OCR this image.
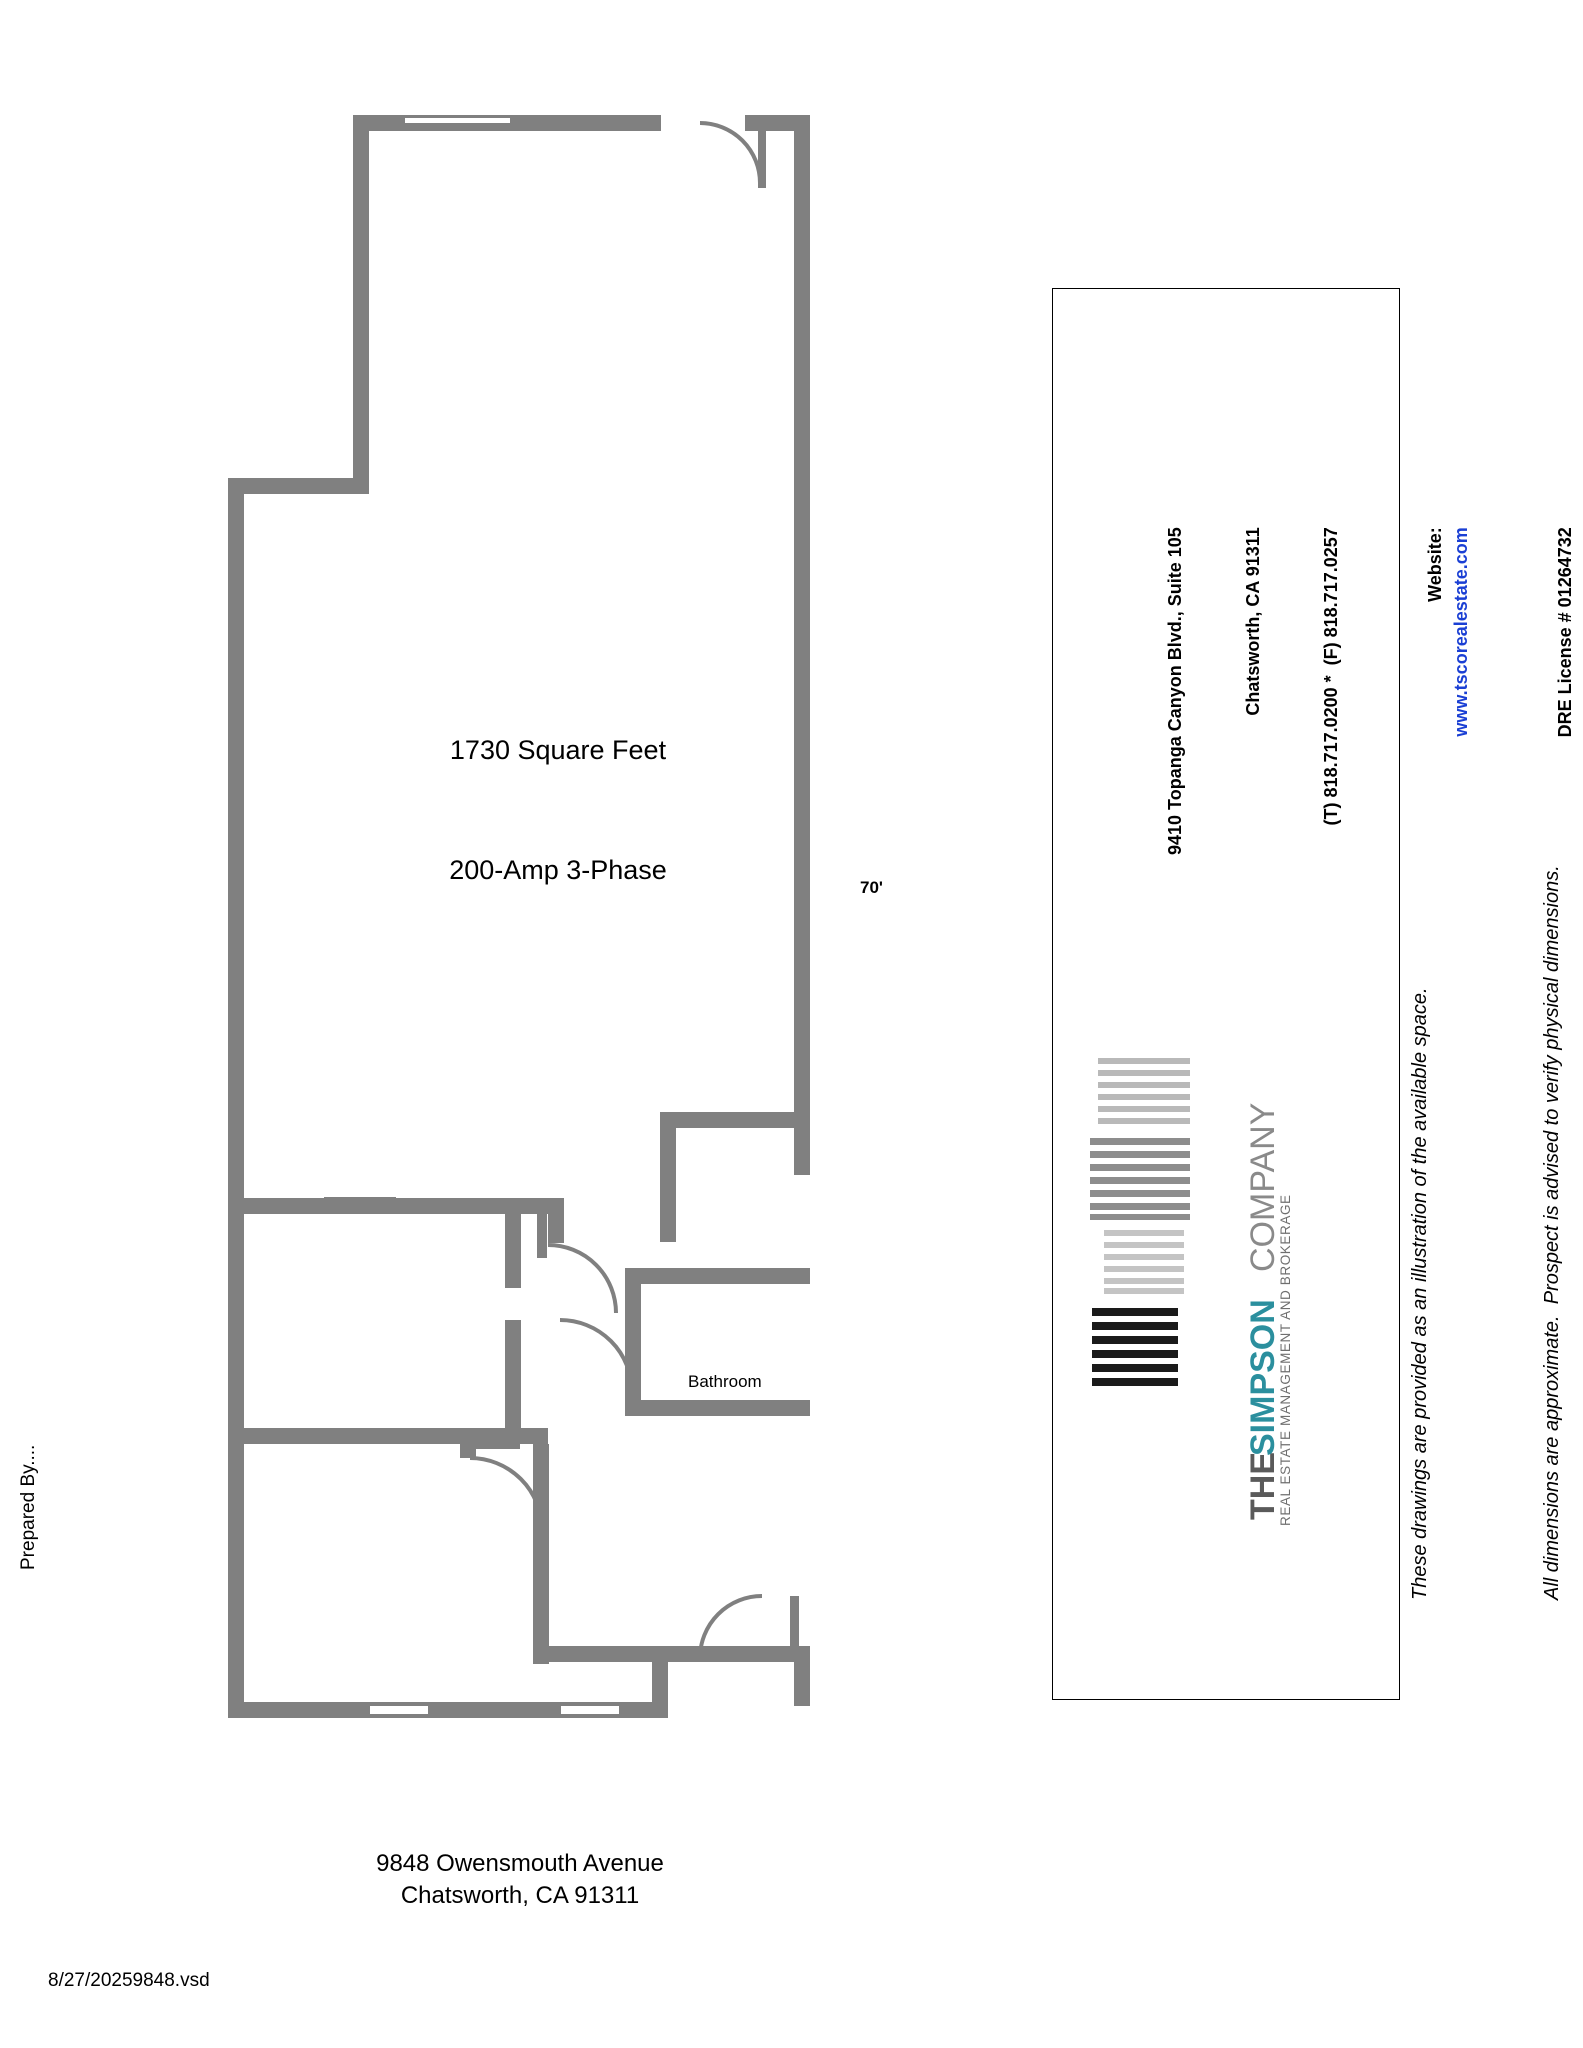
1730 Square Feet

200-Amp 3-Phase

70'
Bathroom
9848 Owensmouth Avenue
Chatsworth, CA 91311
8/27/20259848.vsd
Prepared By....

9410 Topanga Canyon Blvd., Suite 105

	Chatsworth, CA 91311

	(T) 818.717.0200 *  (F) 818.717.0257

	Website: www.tscorealestate.com

	DRE License # 01264732

These drawings are provided as an illustration of the available space.

	All dimensions are approximate.  Prospect is advised to verify physical dimensions.

THE
SIMPSON
COMPANY
REAL ESTATE MANAGEMENT AND BROKERAGE
